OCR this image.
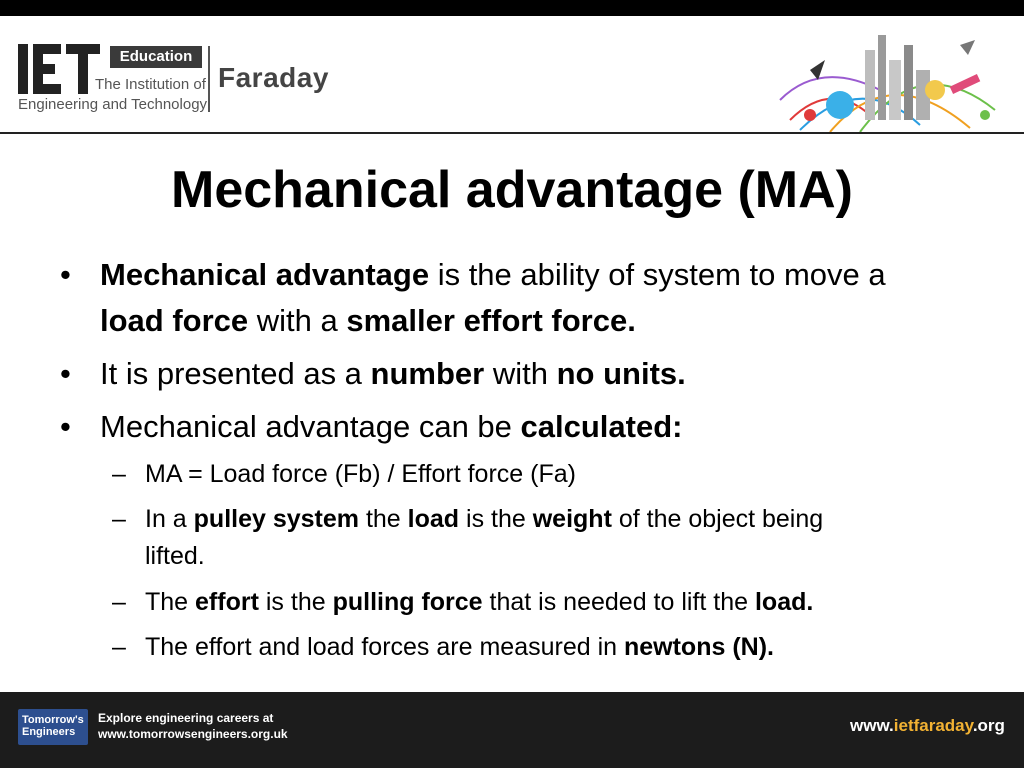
Education
The Institution of
Engineering and Technology
Faraday
Mechanical advantage (MA)
• Mechanical advantage is the ability of system to move a
load force with a smaller effort force.
• It is presented as a number with no units.
• Mechanical advantage can be calculated:
– MA = Load force (Fb) / Effort force (Fa)
– In a pulley system the load is the weight of the object being
lifted.
– The effort is the pulling force that is needed to lift the load.
– The effort and load forces are measured in newtons (N).
Tomorrow's
Engineers
Explore engineering careers at
www.tomorrowsengineers.org.uk	www.ietfaraday.org
